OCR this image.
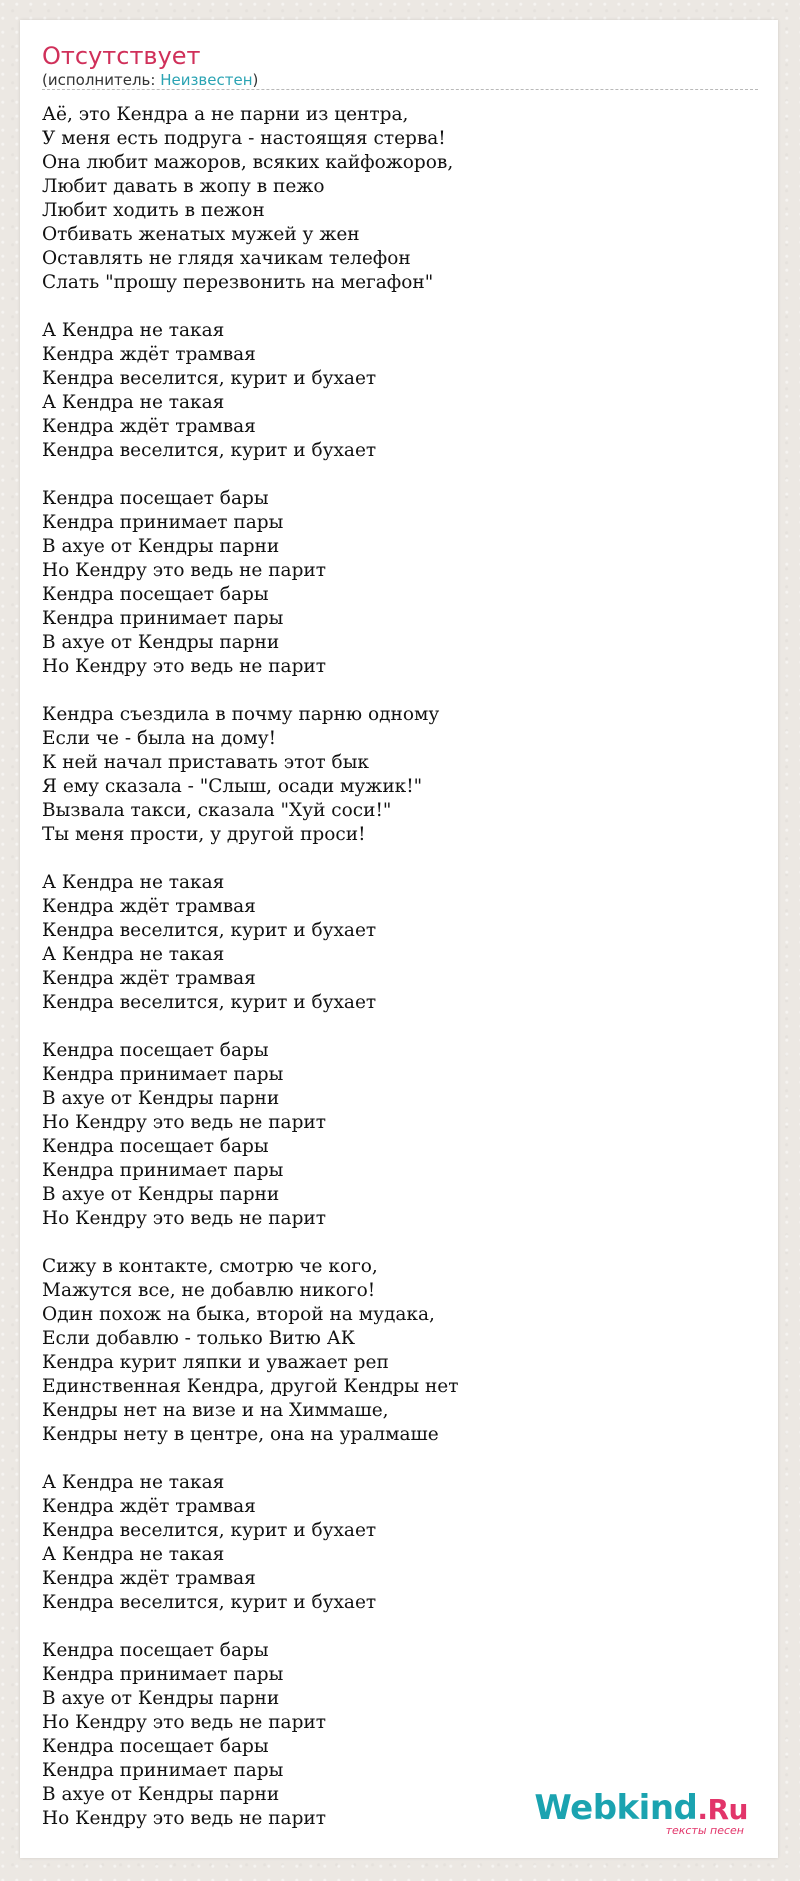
Отсутствует
(исполнитель: Неизвестен)
Аё, это Кендра а не парни из центра,
У меня есть подруга - настоящяя стерва!
Она любит мажоров, всяких кайфожоров,
Любит давать в жопу в пежо
Любит ходить в пежон
Отбивать женатых мужей у жен
Оставлять не глядя хачикам телефон
Слать "прошу перезвонить на мегафон"
А Кендра не такая
Кендра ждёт трамвая
Кендра веселится, курит и бухает
А Кендра не такая
Кендра ждёт трамвая
Кендра веселится, курит и бухает
Кендра посещает бары
Кендра принимает пары
В ахуе от Кендры парни
Но Кендру это ведь не парит
Кендра посещает бары
Кендра принимает пары
В ахуе от Кендры парни
Но Кендру это ведь не парит
Кендра съездила в почму парню одному
Если че - была на дому!
К ней начал приставать этот бык
Я ему сказала - "Слыш, осади мужик!"
Вызвала такси, сказала "Хуй соси!"
Ты меня прости, у другой проси!
А Кендра не такая
Кендра ждёт трамвая
Кендра веселится, курит и бухает
А Кендра не такая
Кендра ждёт трамвая
Кендра веселится, курит и бухает
Кендра посещает бары
Кендра принимает пары
В ахуе от Кендры парни
Но Кендру это ведь не парит
Кендра посещает бары
Кендра принимает пары
В ахуе от Кендры парни
Но Кендру это ведь не парит
Сижу в контакте, смотрю че кого,
Мажутся все, не добавлю никого!
Один похож на быка, второй на мудака,
Если добавлю - только Витю АК
Кендра курит ляпки и уважает реп
Единственная Кендра, другой Кендры нет
Кендры нет на визе и на Химмаше,
Кендры нету в центре, она на уралмаше
А Кендра не такая
Кендра ждёт трамвая
Кендра веселится, курит и бухает
А Кендра не такая
Кендра ждёт трамвая
Кендра веселится, курит и бухает
Кендра посещает бары
Кендра принимает пары
В ахуе от Кендры парни
Но Кендру это ведь не парит
Кендра посещает бары
Кендра принимает пары
В ахуе от Кендры парни
Но Кендру это ведь не парит	Webkind.Ru
тексты песен
